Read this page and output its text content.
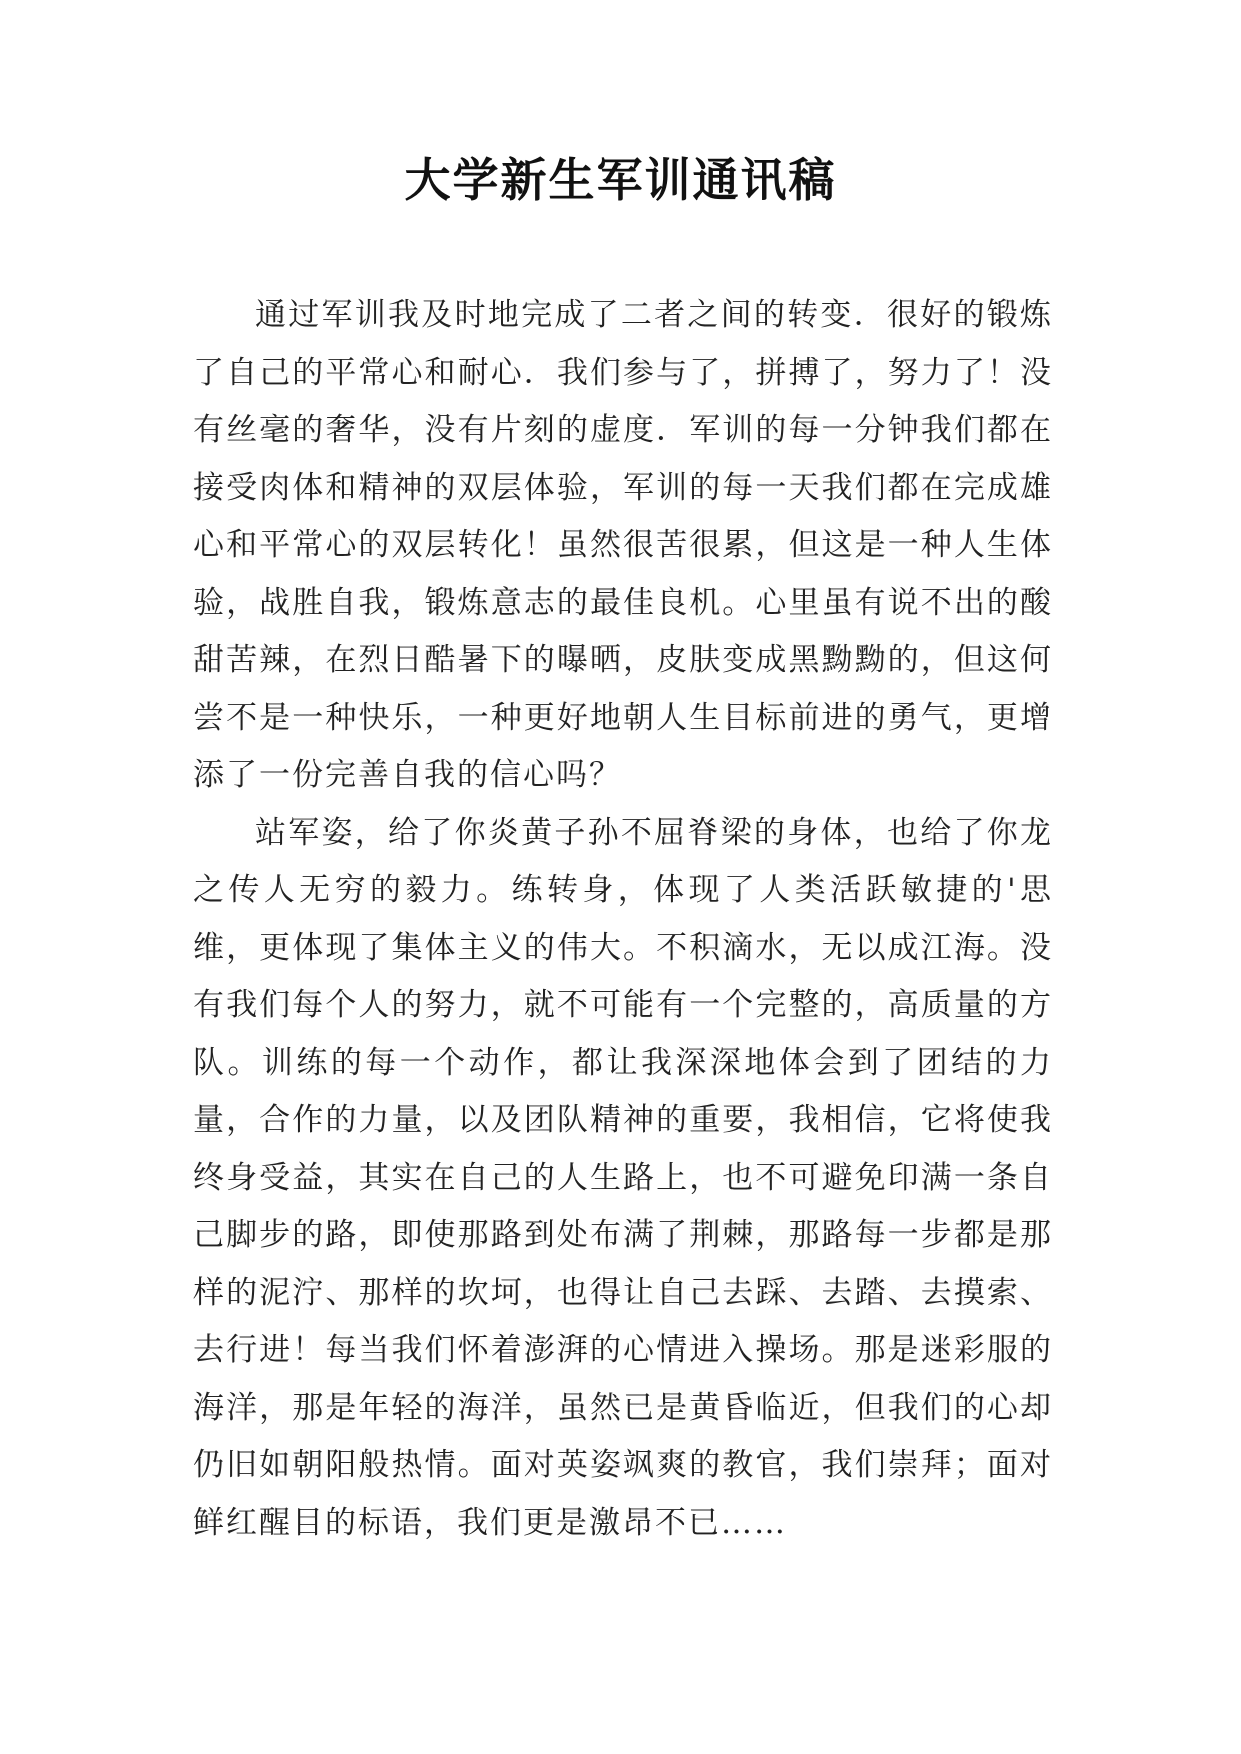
大学新生军训通讯稿

通过军训我及时地完成了二者之间的转变．很好的锻炼了自己的平常心和耐心．我们参与了，拼搏了，努力了！没有丝毫的奢华，没有片刻的虚度．军训的每一分钟我们都在接受肉体和精神的双层体验，军训的每一天我们都在完成雄心和平常心的双层转化！虽然很苦很累，但这是一种人生体验，战胜自我，锻炼意志的最佳良机。心里虽有说不出的酸甜苦辣，在烈日酷暑下的曝晒，皮肤变成黑黝黝的，但这何尝不是一种快乐，一种更好地朝人生目标前进的勇气，更增添了一份完善自我的信心吗？

站军姿，给了你炎黄子孙不屈脊梁的身体，也给了你龙之传人无穷的毅力。练转身，体现了人类活跃敏捷的'思维，更体现了集体主义的伟大。不积滴水，无以成江海。没有我们每个人的努力，就不可能有一个完整的，高质量的方队。训练的每一个动作，都让我深深地体会到了团结的力量，合作的力量，以及团队精神的重要，我相信，它将使我终身受益，其实在自己的人生路上，也不可避免印满一条自己脚步的路，即使那路到处布满了荆棘，那路每一步都是那样的泥泞、那样的坎坷，也得让自己去踩、去踏、去摸索、去行进！每当我们怀着澎湃的心情进入操场。那是迷彩服的海洋，那是年轻的海洋，虽然已是黄昏临近，但我们的心却仍旧如朝阳般热情。面对英姿飒爽的教官，我们崇拜；面对鲜红醒目的标语，我们更是激昂不已……
